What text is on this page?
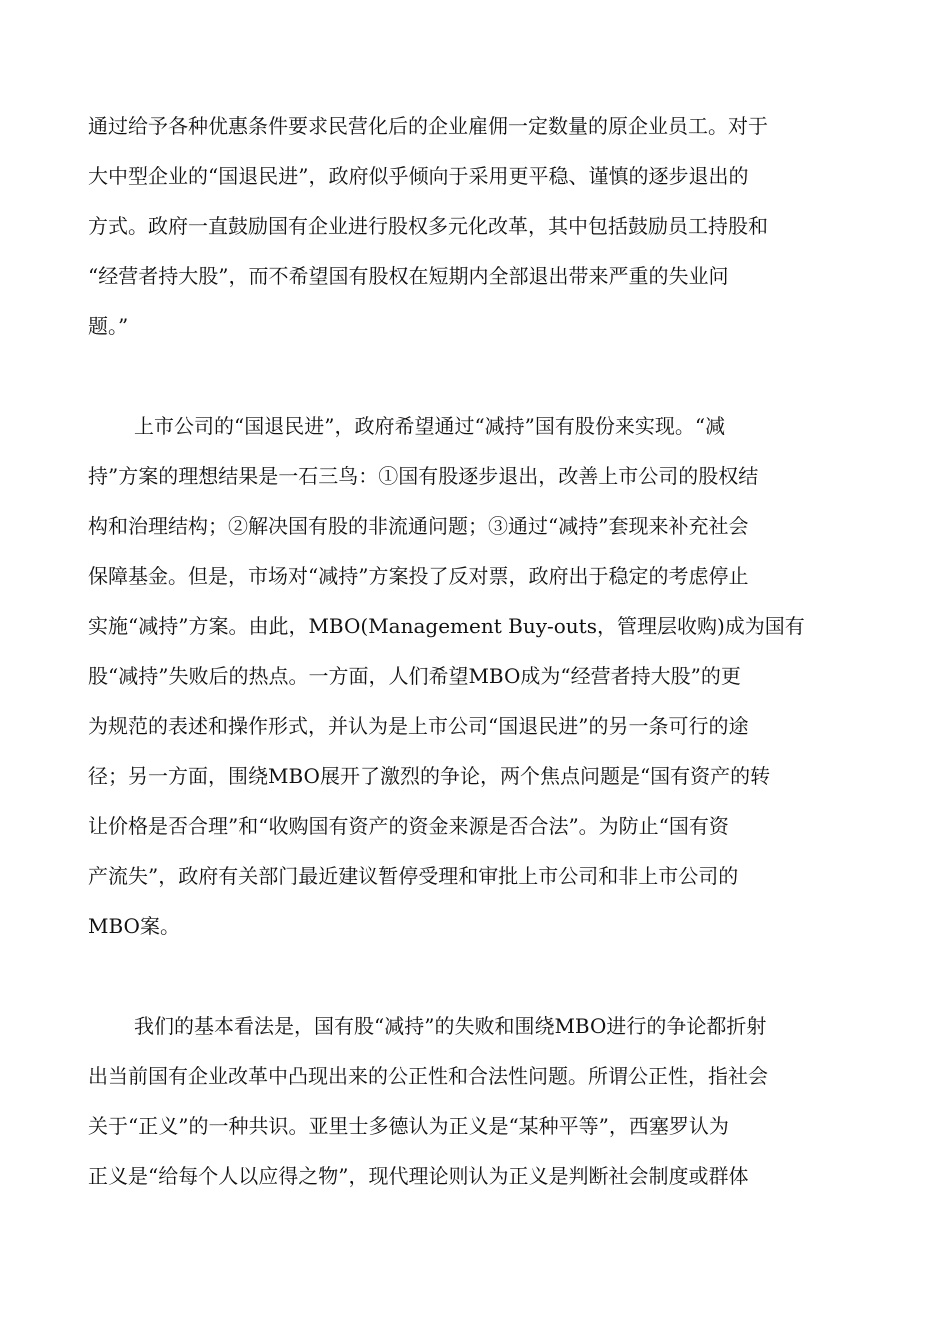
通过给予各种优惠条件要求民营化后的企业雇佣一定数量的原企业员工。对于

大中型企业的“国退民进”，政府似乎倾向于采用更平稳、谨慎的逐步退出的

方式。政府一直鼓励国有企业进行股权多元化改革，其中包括鼓励员工持股和

“经营者持大股”，而不希望国有股权在短期内全部退出带来严重的失业问

题。”

上市公司的“国退民进”，政府希望通过“减持”国有股份来实现。“减

持”方案的理想结果是一石三鸟：①国有股逐步退出，改善上市公司的股权结

构和治理结构；②解决国有股的非流通问题；③通过“减持”套现来补充社会

保障基金。但是，市场对“减持”方案投了反对票，政府出于稳定的考虑停止

实施“减持”方案。由此，MBO(Management Buy-outs，管理层收购)成为国有

股“减持”失败后的热点。一方面，人们希望MBO成为“经营者持大股”的更

为规范的表述和操作形式，并认为是上市公司“国退民进”的另一条可行的途

径；另一方面，围绕MBO展开了激烈的争论，两个焦点问题是“国有资产的转

让价格是否合理”和“收购国有资产的资金来源是否合法”。为防止“国有资

产流失”，政府有关部门最近建议暂停受理和审批上市公司和非上市公司的

MBO案。

我们的基本看法是，国有股“减持”的失败和围绕MBO进行的争论都折射

出当前国有企业改革中凸现出来的公正性和合法性问题。所谓公正性，指社会

关于“正义”的一种共识。亚里士多德认为正义是“某种平等”，西塞罗认为

正义是“给每个人以应得之物”，现代理论则认为正义是判断社会制度或群体
